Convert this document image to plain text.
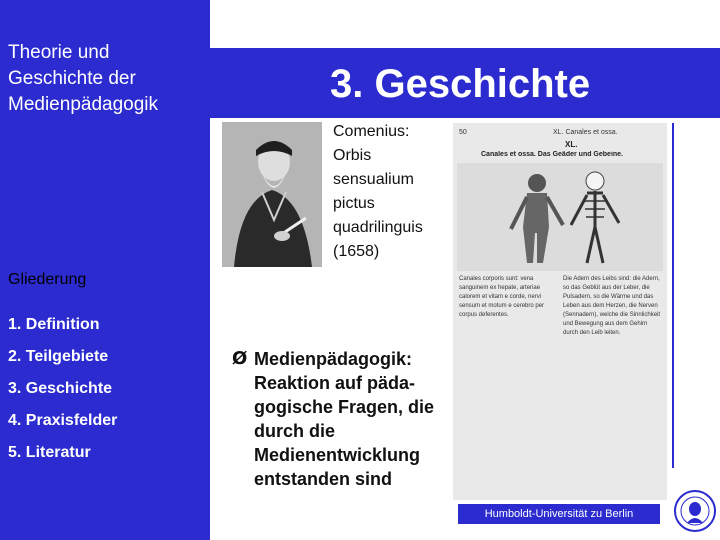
Theorie und
Geschichte der
Medienpädagogik	3. Geschichte
Comenius:
Orbis
sensualium
pictus
quadrilinguis
(1658)
50	XL. Canales et ossa.
XL.
Canales et ossa. Das Geäder und Gebeine.
Canales corporis sunt: vena sanguinem ex hepate, arteriae calorem et vitam e corde, nervi sensum et motum e cerebro per corpus deferentes.
Die Adern des Leibs sind: die Adern, so das Geblüt aus der Leber, die Pulsadern, so die Wärme und das Leben aus dem Herzen, die Nerven (Sennadern), welche die Sinnlichkeit und Bewegung aus dem Gehirn durch den Leib leiten.
Gliederung
1. Definition
2. Teilgebiete
3. Geschichte
4. Praxisfelder
5. Literatur
Ø Medienpädagogik: Reaktion auf päda-gogische Fragen, die durch die Medienentwicklung entstanden sind
Humboldt-Universität zu Berlin
Prof. Dr. Sigrid Blömeke
